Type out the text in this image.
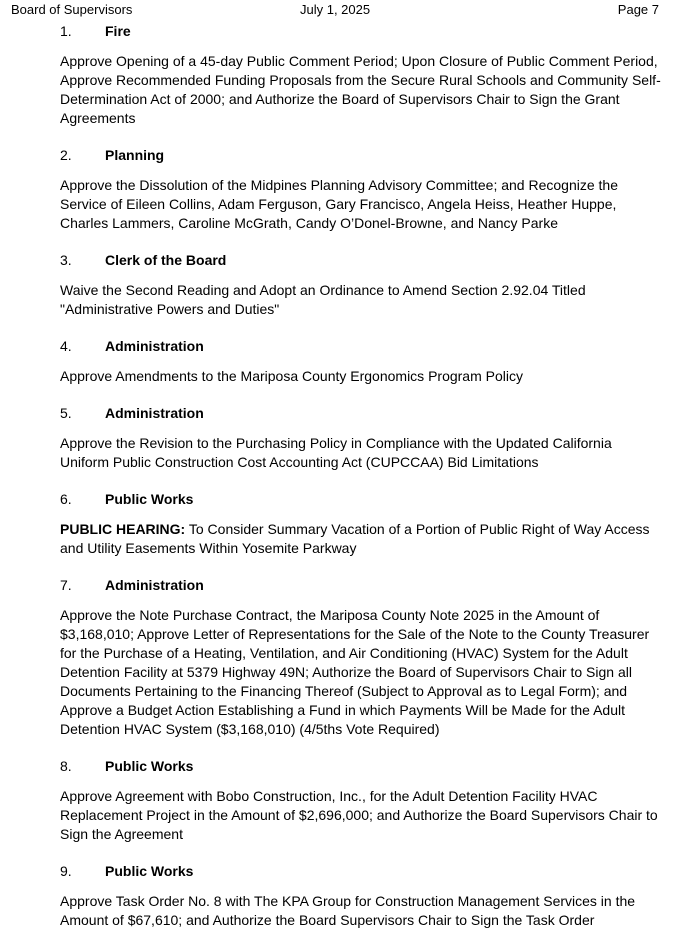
Board of Supervisors	July 1, 2025	Page 7
1. Fire

Approve Opening of a 45-day Public Comment Period; Upon Closure of Public Comment Period, Approve Recommended Funding Proposals from the Secure Rural Schools and Community Self-Determination Act of 2000; and Authorize the Board of Supervisors Chair to Sign the Grant Agreements

2. Planning

Approve the Dissolution of the Midpines Planning Advisory Committee; and Recognize the Service of Eileen Collins, Adam Ferguson, Gary Francisco, Angela Heiss, Heather Huppe, Charles Lammers, Caroline McGrath, Candy O’Donel-Browne, and Nancy Parke

3. Clerk of the Board

Waive the Second Reading and Adopt an Ordinance to Amend Section 2.92.04 Titled "Administrative Powers and Duties"

4. Administration

Approve Amendments to the Mariposa County Ergonomics Program Policy

5. Administration

Approve the Revision to the Purchasing Policy in Compliance with the Updated California Uniform Public Construction Cost Accounting Act (CUPCCAA) Bid Limitations

6. Public Works

PUBLIC HEARING: To Consider Summary Vacation of a Portion of Public Right of Way Access and Utility Easements Within Yosemite Parkway

7. Administration

Approve the Note Purchase Contract, the Mariposa County Note 2025 in the Amount of $3,168,010; Approve Letter of Representations for the Sale of the Note to the County Treasurer for the Purchase of a Heating, Ventilation, and Air Conditioning (HVAC) System for the Adult Detention Facility at 5379 Highway 49N; Authorize the Board of Supervisors Chair to Sign all Documents Pertaining to the Financing Thereof (Subject to Approval as to Legal Form); and Approve a Budget Action Establishing a Fund in which Payments Will be Made for the Adult Detention HVAC System ($3,168,010) (4/5ths Vote Required)

8. Public Works

Approve Agreement with Bobo Construction, Inc., for the Adult Detention Facility HVAC Replacement Project in the Amount of $2,696,000; and Authorize the Board Supervisors Chair to Sign the Agreement

9. Public Works

Approve Task Order No. 8 with The KPA Group for Construction Management Services in the Amount of $67,610; and Authorize the Board Supervisors Chair to Sign the Task Order
